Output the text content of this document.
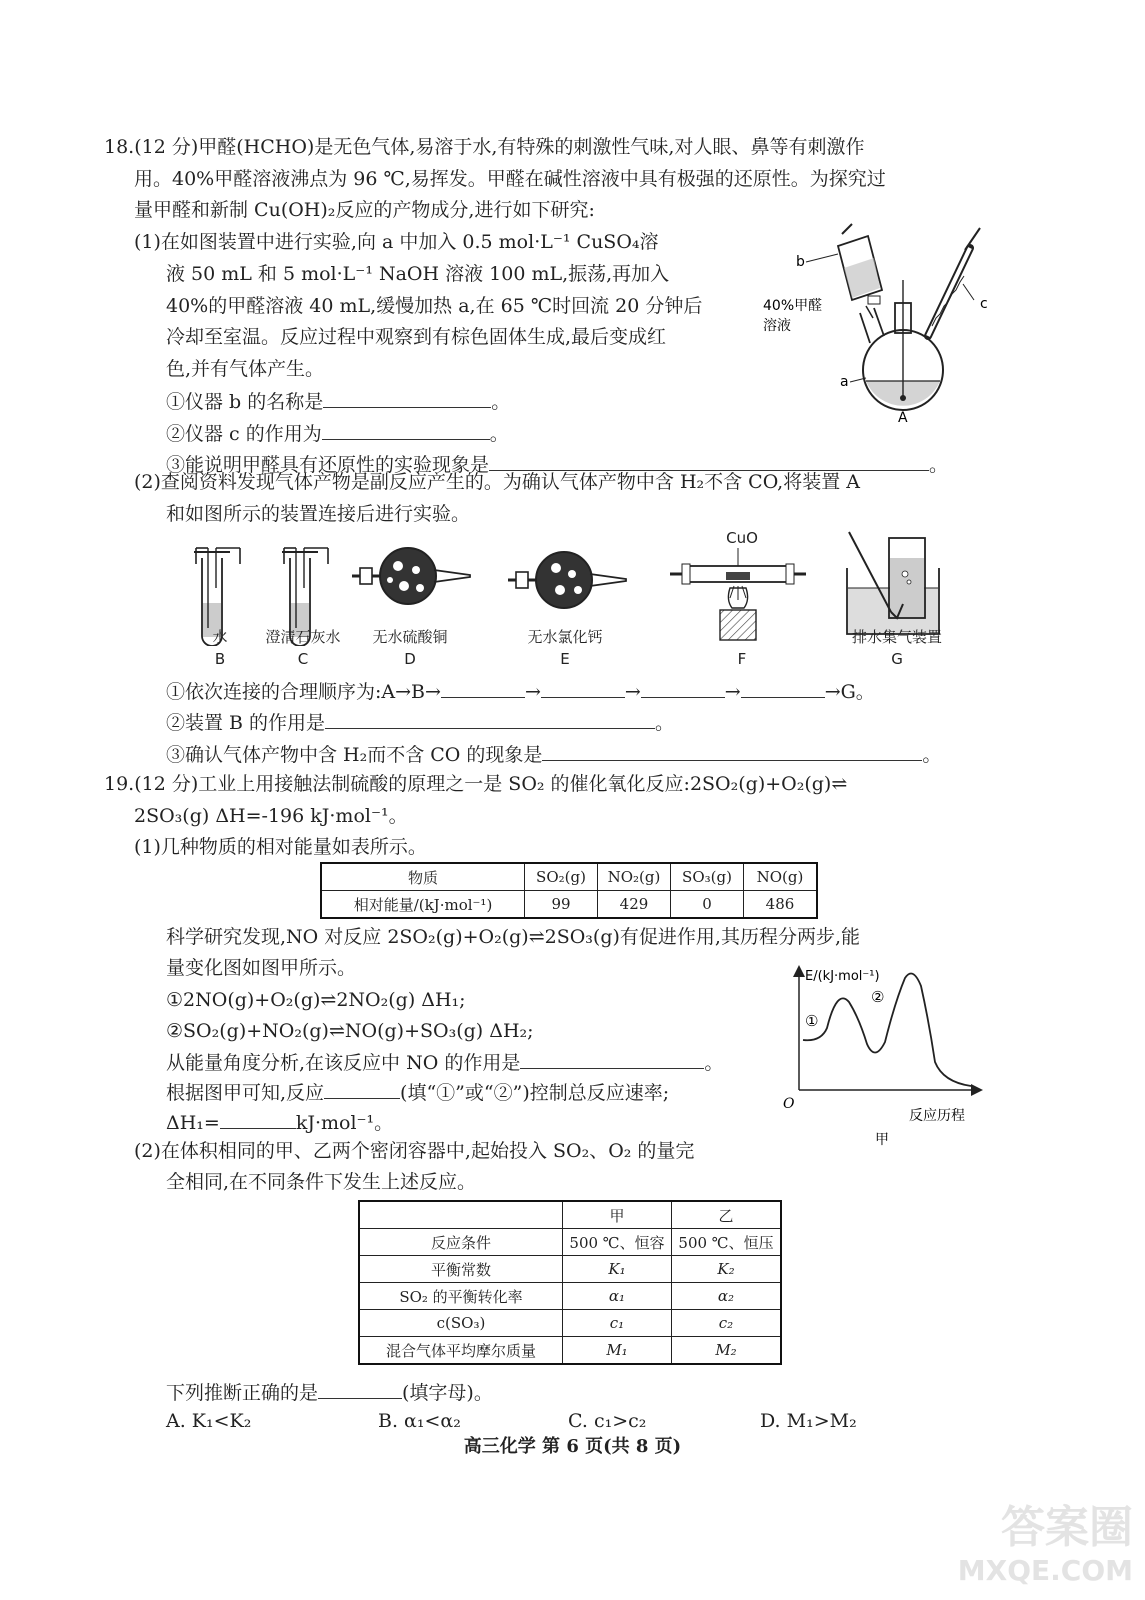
18.(12 分)甲醛(HCHO)是无色气体,易溶于水,有特殊的刺激性气味,对人眼、鼻等有刺激作
用。40%甲醛溶液沸点为 96 ℃,易挥发。甲醛在碱性溶液中具有极强的还原性。为探究过
量甲醛和新制 Cu(OH)₂反应的产物成分,进行如下研究:
(1)在如图装置中进行实验,向 a 中加入 0.5 mol·L⁻¹ CuSO₄溶
液 50 mL 和 5 mol·L⁻¹ NaOH 溶液 100 mL,振荡,再加入
40%的甲醛溶液 40 mL,缓慢加热 a,在 65 ℃时回流 20 分钟后
冷却至室温。反应过程中观察到有棕色固体生成,最后变成红
色,并有气体产生。
①仪器 b 的名称是	。
②仪器 c 的作用为	。
③能说明甲醛具有还原性的实验现象是	。
b
c
40%甲醛
溶液
a
A
(2)查阅资料发现气体产物是副反应产生的。为确认气体产物中含 H₂不含 CO,将装置 A
和如图所示的装置连接后进行实验。
水
B
澄清石灰水
C
无水硫酸铜
D
无水氯化钙
E
CuO
F
排水集气装置
G
①依次连接的合理顺序为:A→B→	→	→	→	→G。
②装置 B 的作用是	。
③确认气体产物中含 H₂而不含 CO 的现象是	。
19.(12 分)工业上用接触法制硫酸的原理之一是 SO₂ 的催化氧化反应:2SO₂(g)+O₂(g)⇌
2SO₃(g) ΔH=-196 kJ·mol⁻¹。
(1)几种物质的相对能量如表所示。
物质	SO₂(g)	NO₂(g)	SO₃(g)	NO(g)
相对能量/(kJ·mol⁻¹)	99	429	0	486
科学研究发现,NO 对反应 2SO₂(g)+O₂(g)⇌2SO₃(g)有促进作用,其历程分两步,能
量变化图如图甲所示。
①2NO(g)+O₂(g)⇌2NO₂(g) ΔH₁;
②SO₂(g)+NO₂(g)⇌NO(g)+SO₃(g) ΔH₂;
从能量角度分析,在该反应中 NO 的作用是	。
根据图甲可知,反应	(填“①”或“②”)控制总反应速率;
ΔH₁=	kJ·mol⁻¹。
E/(kJ·mol⁻¹)
①
②
O
反应历程
甲
(2)在体积相同的甲、乙两个密闭容器中,起始投入 SO₂、O₂ 的量完
全相同,在不同条件下发生上述反应。
	甲	乙
反应条件	500 ℃、恒容	500 ℃、恒压
平衡常数	K₁	K₂
SO₂ 的平衡转化率	α₁	α₂
c(SO₃)	c₁	c₂
混合气体平均摩尔质量	M₁	M₂
下列推断正确的是	(填字母)。
A. K₁<K₂	B. α₁<α₂	C. c₁>c₂	D. M₁>M₂
高三化学 第 6 页(共 8 页)
答案圈
MXQE.COM
